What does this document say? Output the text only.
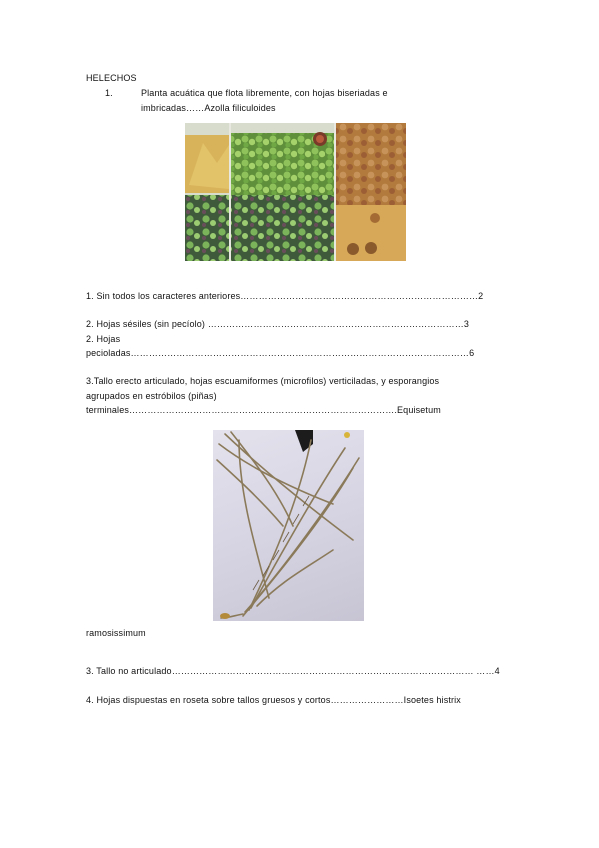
HELECHOS
1.	Planta acuática que flota libremente, con hojas biseriadas e
imbricadas……Azolla filiculoides
1. Sin todos los caracteres anteriores……………………………………………………………………2
2. Hojas sésiles (sin pecíolo) …………………………………………………………………………3
2. Hojas
pecioladas…………………………………………………………………………………………………6
3.Tallo erecto articulado, hojas escuamiformes (microfilos) verticiladas, y esporangios
agrupados en estróbilos (piñas)
terminales…………………………………………………………………………….Equisetum
ramosissimum
3. Tallo no articulado……………………………………………………………………………………… ……4
4. Hojas dispuestas en roseta sobre tallos gruesos y cortos……………………Isoetes histrix
